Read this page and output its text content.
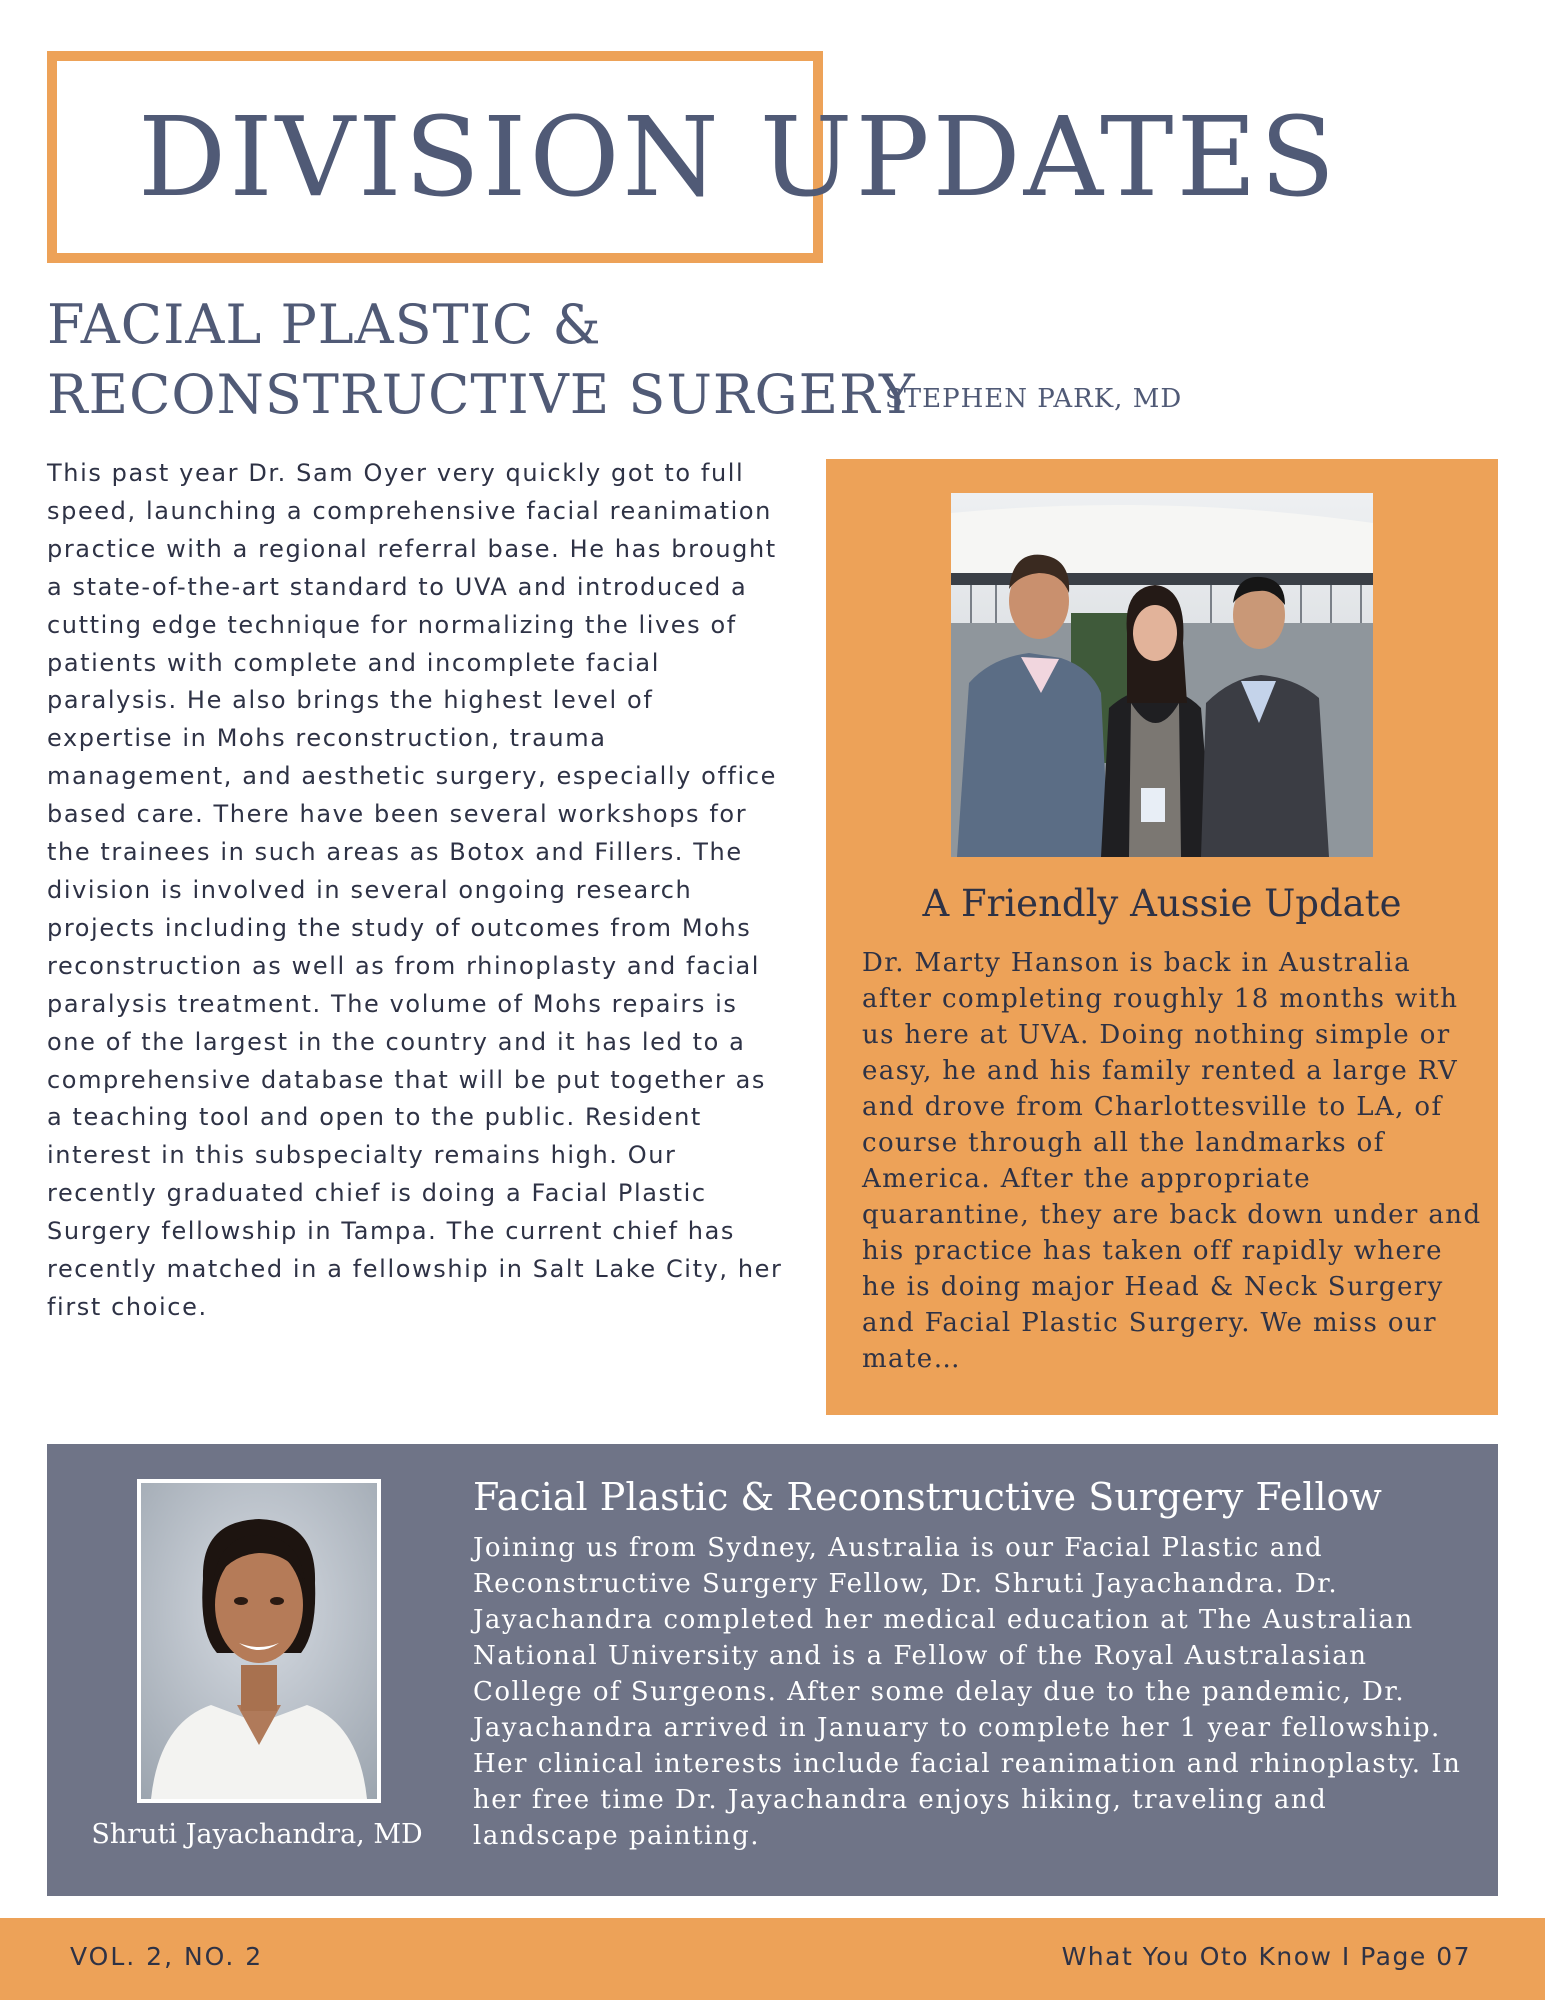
DIVISION UPDATES
FACIAL PLASTIC &
RECONSTRUCTIVE SURGERY
STEPHEN PARK, MD

This past year Dr. Sam Oyer very quickly got to full speed, launching a comprehensive facial reanimation practice with a regional referral base. He has brought a state-of-the-art standard to UVA and introduced a cutting edge technique for normalizing the lives of patients with complete and incomplete facial paralysis. He also brings the highest level of expertise in Mohs reconstruction, trauma management, and aesthetic surgery, especially office based care. There have been several workshops for the trainees in such areas as Botox and Fillers. The division is involved in several ongoing research projects including the study of outcomes from Mohs reconstruction as well as from rhinoplasty and facial paralysis treatment. The volume of Mohs repairs is one of the largest in the country and it has led to a comprehensive database that will be put together as a teaching tool and open to the public. Resident interest in this subspecialty remains high. Our recently graduated chief is doing a Facial Plastic Surgery fellowship in Tampa. The current chief has recently matched in a fellowship in Salt Lake City, her first choice.

A Friendly Aussie Update

Dr. Marty Hanson is back in Australia after completing roughly 18 months with us here at UVA. Doing nothing simple or easy, he and his family rented a large RV and drove from Charlottesville to LA, of course through all the landmarks of America. After the appropriate quarantine, they are back down under and his practice has taken off rapidly where he is doing major Head & Neck Surgery and Facial Plastic Surgery. We miss our mate…

Shruti Jayachandra, MD
Facial Plastic & Reconstructive Surgery Fellow

Joining us from Sydney, Australia is our Facial Plastic and Reconstructive Surgery Fellow, Dr. Shruti Jayachandra. Dr. Jayachandra completed her medical education at The Australian National University and is a Fellow of the Royal Australasian College of Surgeons. After some delay due to the pandemic, Dr. Jayachandra arrived in January to complete her 1 year fellowship. Her clinical interests include facial reanimation and rhinoplasty. In her free time Dr. Jayachandra enjoys hiking, traveling and landscape painting.

VOL. 2, NO. 2	What You Oto Know I Page 07
